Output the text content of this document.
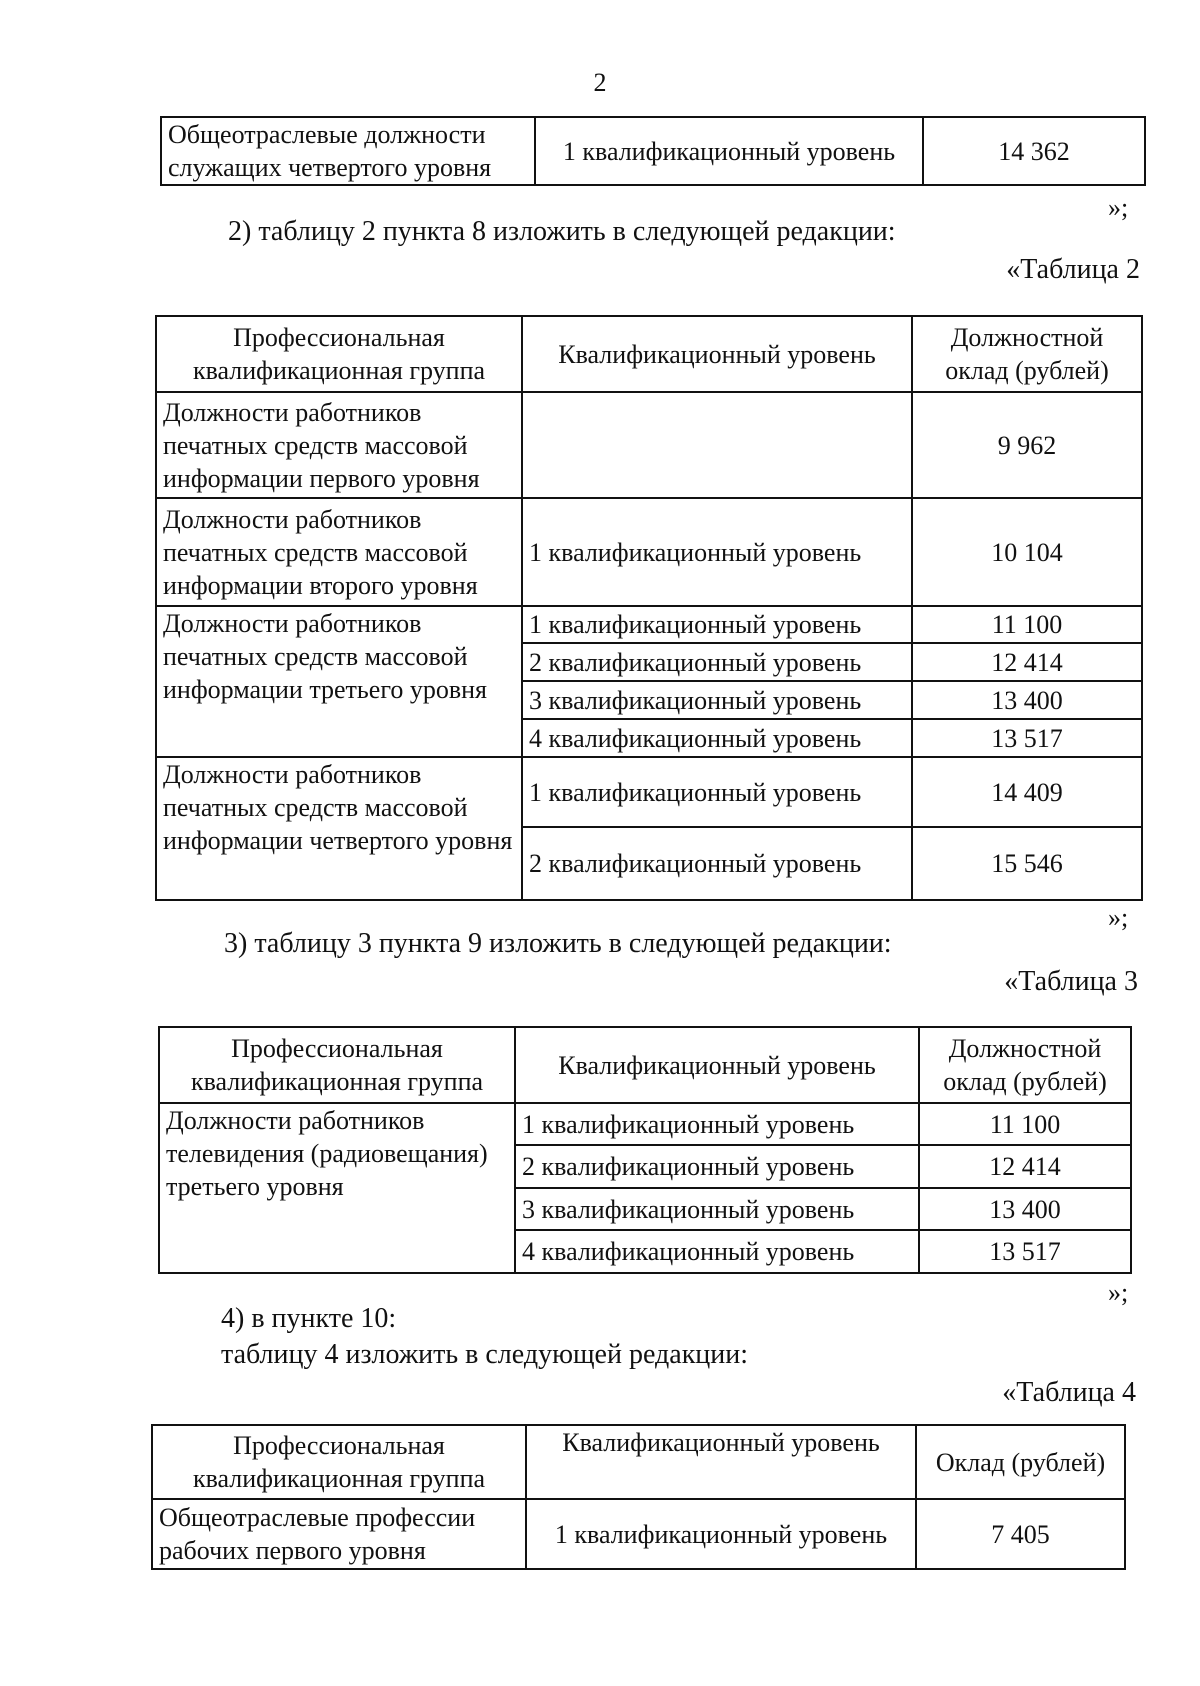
2
Общеотраслевые должности служащих четвертого уровня	1 квалификационный уровень	14 362
»;
2) таблицу 2 пункта 8 изложить в следующей редакции:
«Таблица 2
Профессиональная квалификационная группа	Квалификационный уровень	Должностной оклад (рублей)
Должности работников печатных средств массовой информации первого уровня		9 962
Должности работников печатных средств массовой информации второго уровня	1 квалификационный уровень	10 104
Должности работников печатных средств массовой информации третьего уровня	1 квалификационный уровень	11 100
	2 квалификационный уровень	12 414
	3 квалификационный уровень	13 400
	4 квалификационный уровень	13 517
Должности работников печатных средств массовой информации четвертого уровня	1 квалификационный уровень	14 409
	2 квалификационный уровень	15 546
»;
3) таблицу 3 пункта 9 изложить в следующей редакции:
«Таблица 3
Профессиональная квалификационная группа	Квалификационный уровень	Должностной оклад (рублей)
Должности работников телевидения (радиовещания) третьего уровня	1 квалификационный уровень	11 100
	2 квалификационный уровень	12 414
	3 квалификационный уровень	13 400
	4 квалификационный уровень	13 517
»;
4) в пункте 10:
таблицу 4 изложить в следующей редакции:
«Таблица 4
Профессиональная квалификационная группа	Квалификационный уровень	Оклад (рублей)
Общеотраслевые профессии рабочих первого уровня	1 квалификационный уровень	7 405
